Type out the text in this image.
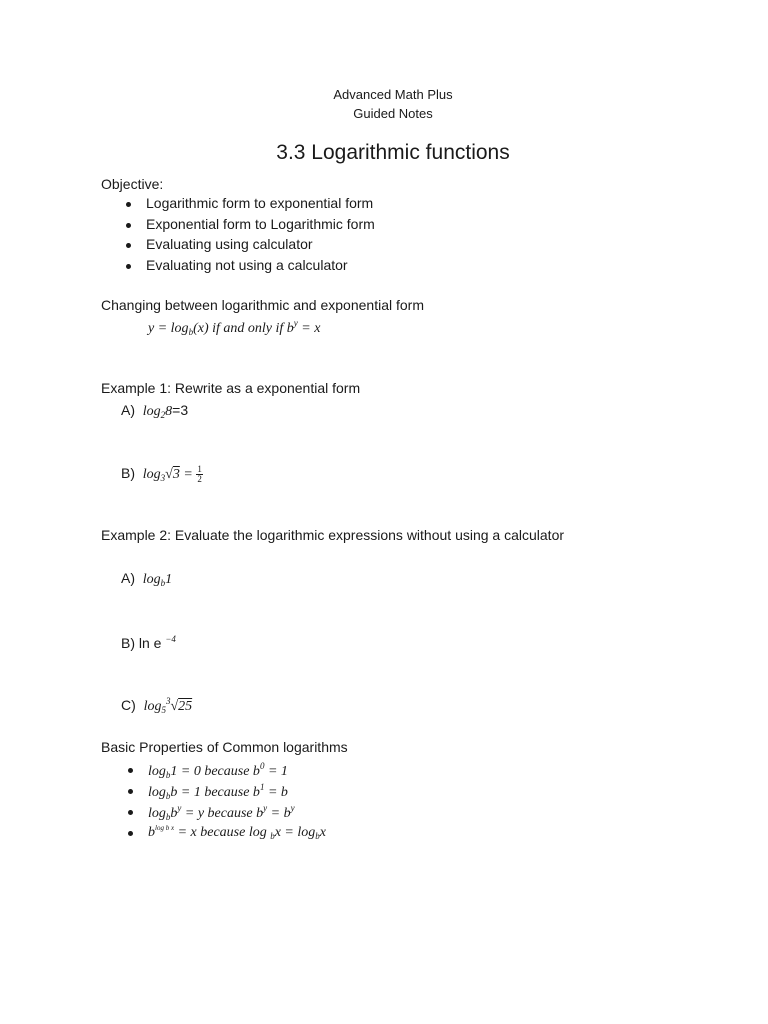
Advanced Math Plus
Guided Notes
3.3 Logarithmic functions
Objective:
Logarithmic form to exponential form
Exponential form to Logarithmic form
Evaluating using calculator
Evaluating not using a calculator
Changing between logarithmic and exponential form
$y = \log_b(x)$ if and only if $b^y = x$
Example 1: Rewrite as a exponential form
A) $\log_28=3$
B) $\log_3√3 = \frac{1}{2}$
Example 2: Evaluate the logarithmic expressions without using a calculator
A) $\log_b1$
B) ln e $^{-4}$
C) $\log_5^3√25$
Basic Properties of Common logarithms
$\log_b1 = 0$ because $b^0 = 1$
$\log_bb = 1$ because $b^1 = b$
$\log_bb^y = y$ because $b^y = b^y$
$b^{log b x} = x$ because $\log _bx = \log_bx$
